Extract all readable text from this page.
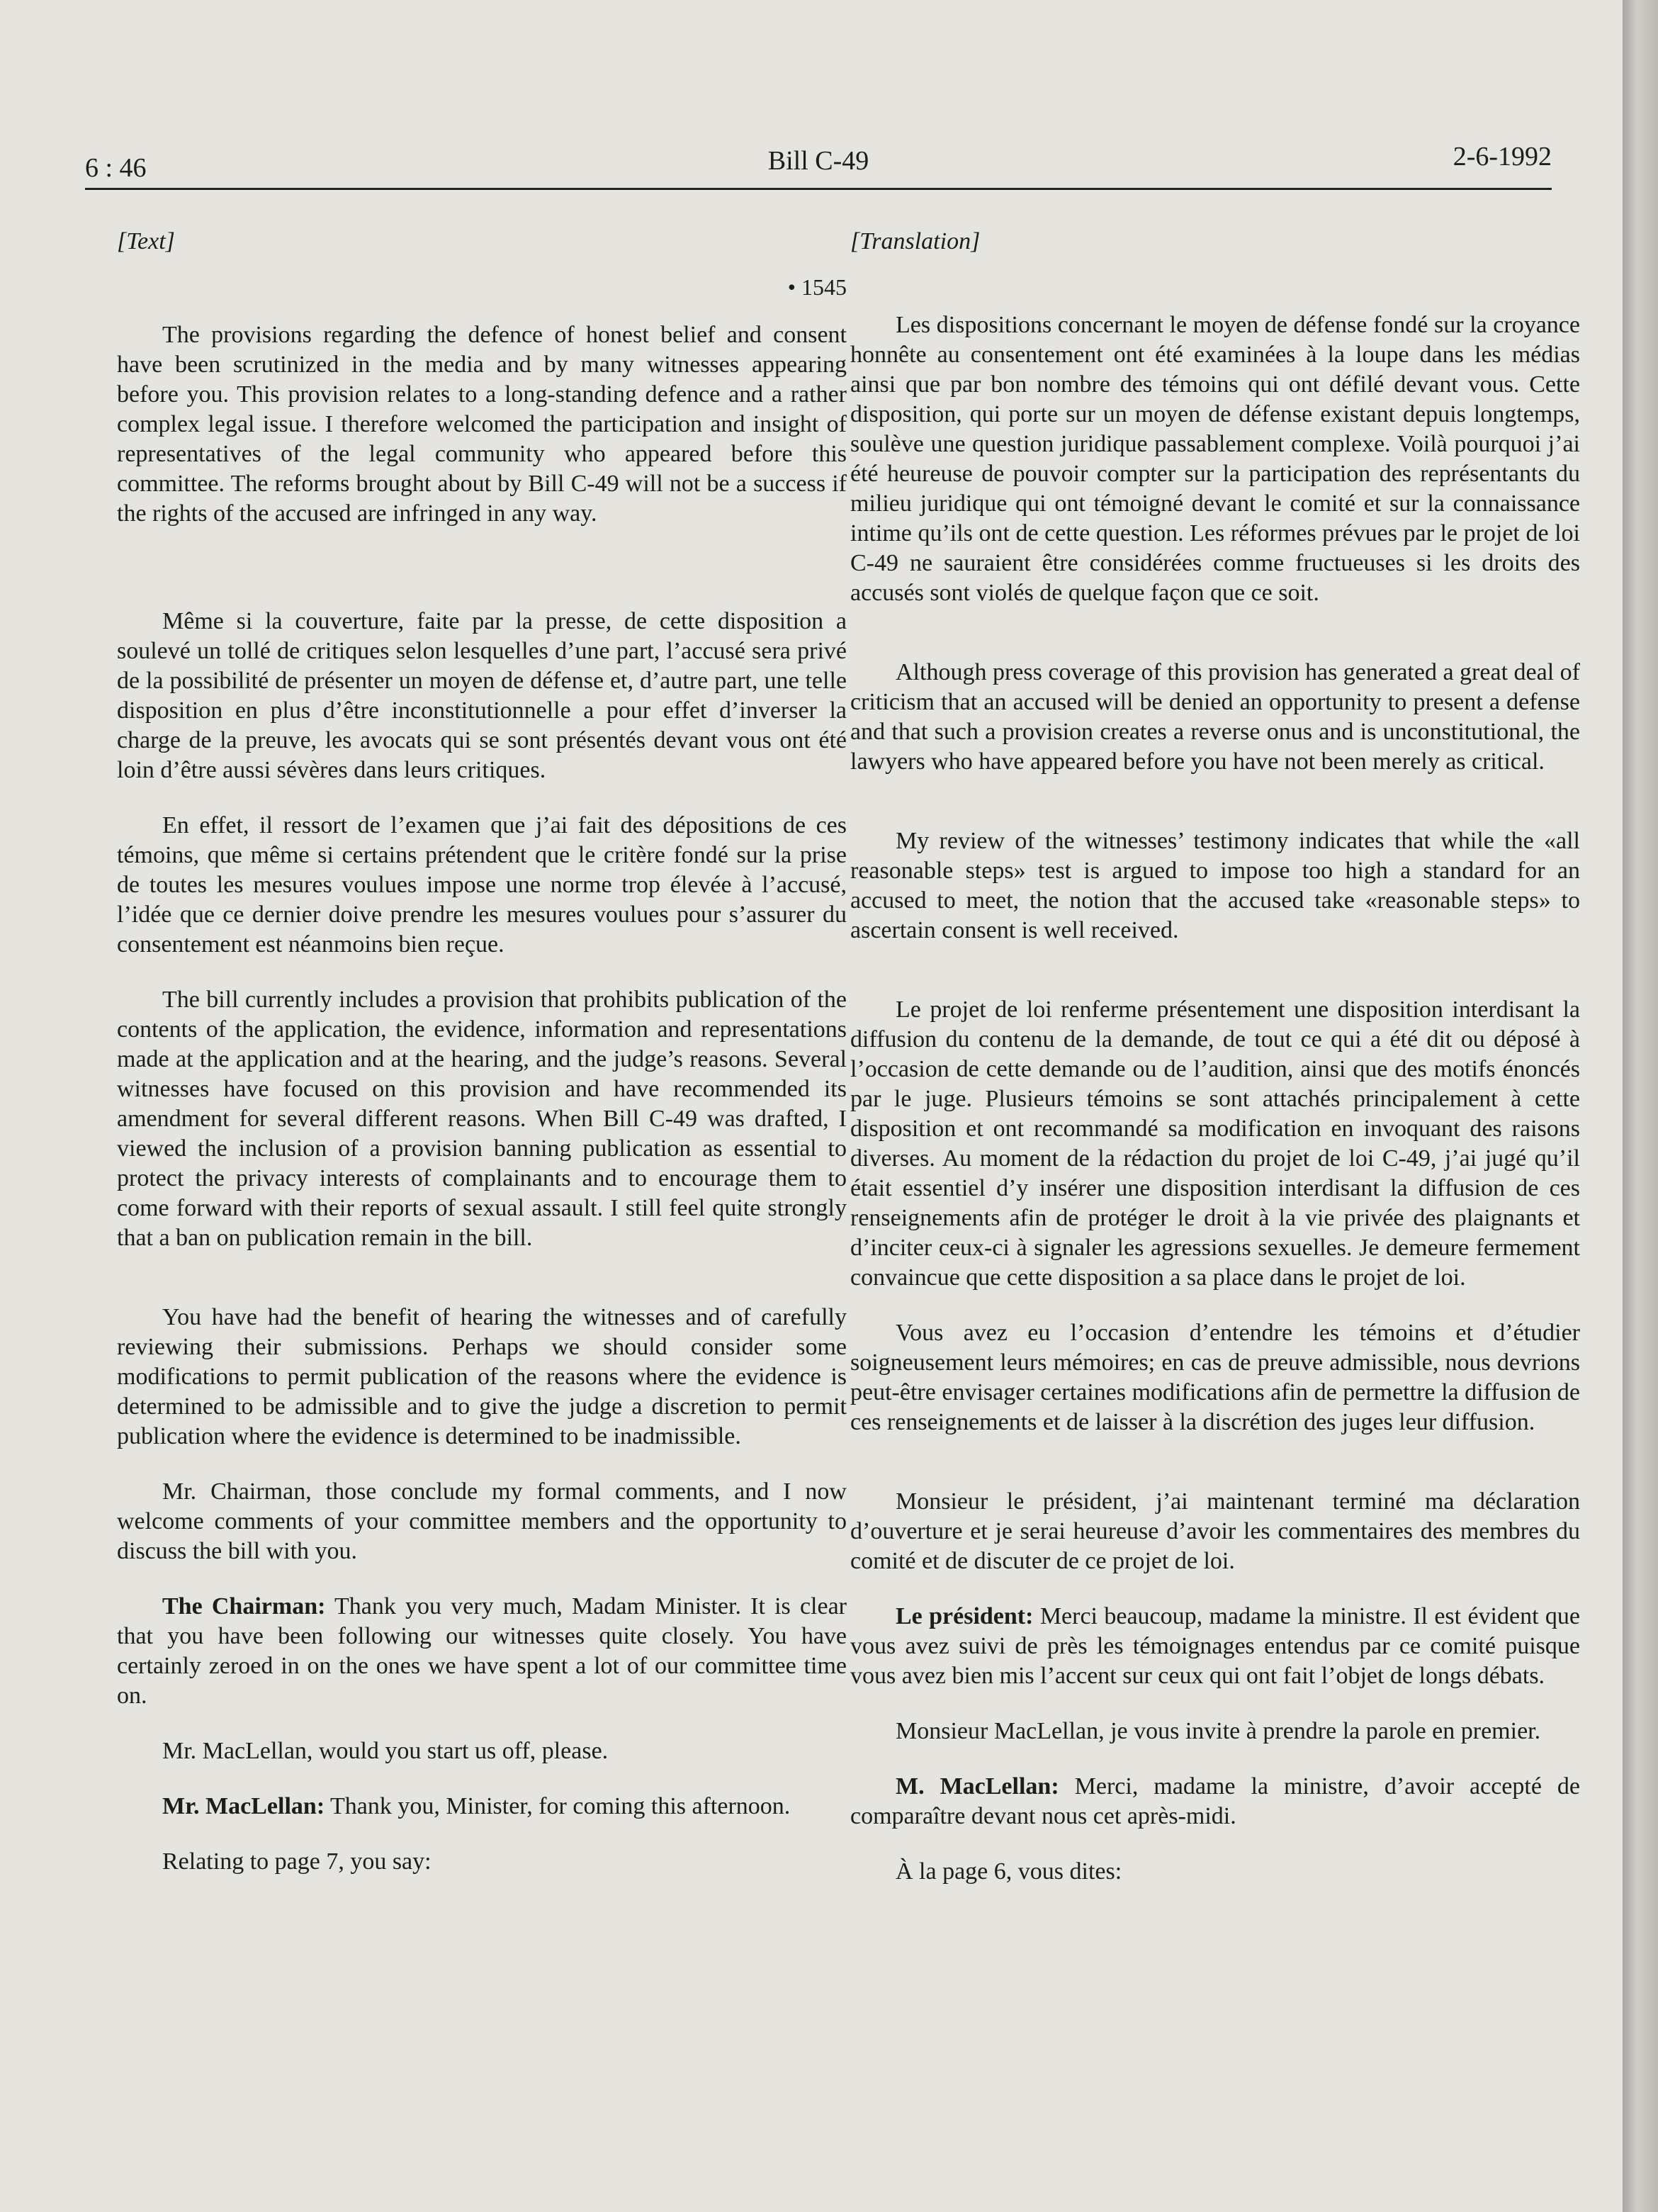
6 : 46	Bill C-49	2-6-1992
[Text]
• 1545

The provisions regarding the defence of honest belief and consent have been scrutinized in the media and by many witnesses appearing before you. This provision relates to a long-standing defence and a rather complex legal issue. I therefore welcomed the participation and insight of representatives of the legal community who appeared before this committee. The reforms brought about by Bill C-49 will not be a success if the rights of the accused are infringed in any way.

Même si la couverture, faite par la presse, de cette disposition a soulevé un tollé de critiques selon lesquelles d’une part, l’accusé sera privé de la possibilité de présenter un moyen de défense et, d’autre part, une telle disposition en plus d’être inconstitutionnelle a pour effet d’inverser la charge de la preuve, les avocats qui se sont présentés devant vous ont été loin d’être aussi sévères dans leurs critiques.

En effet, il ressort de l’examen que j’ai fait des dépositions de ces témoins, que même si certains prétendent que le critère fondé sur la prise de toutes les mesures voulues impose une norme trop élevée à l’accusé, l’idée que ce dernier doive prendre les mesures voulues pour s’assurer du consentement est néanmoins bien reçue.

The bill currently includes a provision that prohibits publication of the contents of the application, the evidence, information and representations made at the application and at the hearing, and the judge’s reasons. Several witnesses have focused on this provision and have recommended its amendment for several different reasons. When Bill C-49 was drafted, I viewed the inclusion of a provision banning publication as essential to protect the privacy interests of complainants and to encourage them to come forward with their reports of sexual assault. I still feel quite strongly that a ban on publication remain in the bill.

You have had the benefit of hearing the witnesses and of carefully reviewing their submissions. Perhaps we should consider some modifications to permit publication of the reasons where the evidence is determined to be admissible and to give the judge a discretion to permit publication where the evidence is determined to be inadmissible.

Mr. Chairman, those conclude my formal comments, and I now welcome comments of your committee members and the opportunity to discuss the bill with you.

The Chairman: Thank you very much, Madam Minister. It is clear that you have been following our witnesses quite closely. You have certainly zeroed in on the ones we have spent a lot of our committee time on.

Mr. MacLellan, would you start us off, please.

Mr. MacLellan: Thank you, Minister, for coming this afternoon.

Relating to page 7, you say:

[Translation]

Les dispositions concernant le moyen de défense fondé sur la croyance honnête au consentement ont été examinées à la loupe dans les médias ainsi que par bon nombre des témoins qui ont défilé devant vous. Cette disposition, qui porte sur un moyen de défense existant depuis longtemps, soulève une question juridique passablement complexe. Voilà pourquoi j’ai été heureuse de pouvoir compter sur la participation des représentants du milieu juridique qui ont témoigné devant le comité et sur la connaissance intime qu’ils ont de cette question. Les réformes prévues par le projet de loi C-49 ne sauraient être considérées comme fructueuses si les droits des accusés sont violés de quelque façon que ce soit.

Although press coverage of this provision has generated a great deal of criticism that an accused will be denied an opportunity to present a defense and that such a provision creates a reverse onus and is unconstitutional, the lawyers who have appeared before you have not been merely as critical.

My review of the witnesses’ testimony indicates that while the «all reasonable steps» test is argued to impose too high a standard for an accused to meet, the notion that the accused take «reasonable steps» to ascertain consent is well received.

Le projet de loi renferme présentement une disposition interdisant la diffusion du contenu de la demande, de tout ce qui a été dit ou déposé à l’occasion de cette demande ou de l’audition, ainsi que des motifs énoncés par le juge. Plusieurs témoins se sont attachés principalement à cette disposition et ont recommandé sa modification en invoquant des raisons diverses. Au moment de la rédaction du projet de loi C-49, j’ai jugé qu’il était essentiel d’y insérer une disposition interdisant la diffusion de ces renseignements afin de protéger le droit à la vie privée des plaignants et d’inciter ceux-ci à signaler les agressions sexuelles. Je demeure fermement convaincue que cette disposition a sa place dans le projet de loi.

Vous avez eu l’occasion d’entendre les témoins et d’étudier soigneusement leurs mémoires; en cas de preuve admissible, nous devrions peut-être envisager certaines modifications afin de permettre la diffusion de ces renseignements et de laisser à la discrétion des juges leur diffusion.

Monsieur le président, j’ai maintenant terminé ma déclaration d’ouverture et je serai heureuse d’avoir les commentaires des membres du comité et de discuter de ce projet de loi.

Le président: Merci beaucoup, madame la ministre. Il est évident que vous avez suivi de près les témoignages entendus par ce comité puisque vous avez bien mis l’accent sur ceux qui ont fait l’objet de longs débats.

Monsieur MacLellan, je vous invite à prendre la parole en premier.

M. MacLellan: Merci, madame la ministre, d’avoir accepté de comparaître devant nous cet après-midi.

À la page 6, vous dites:
